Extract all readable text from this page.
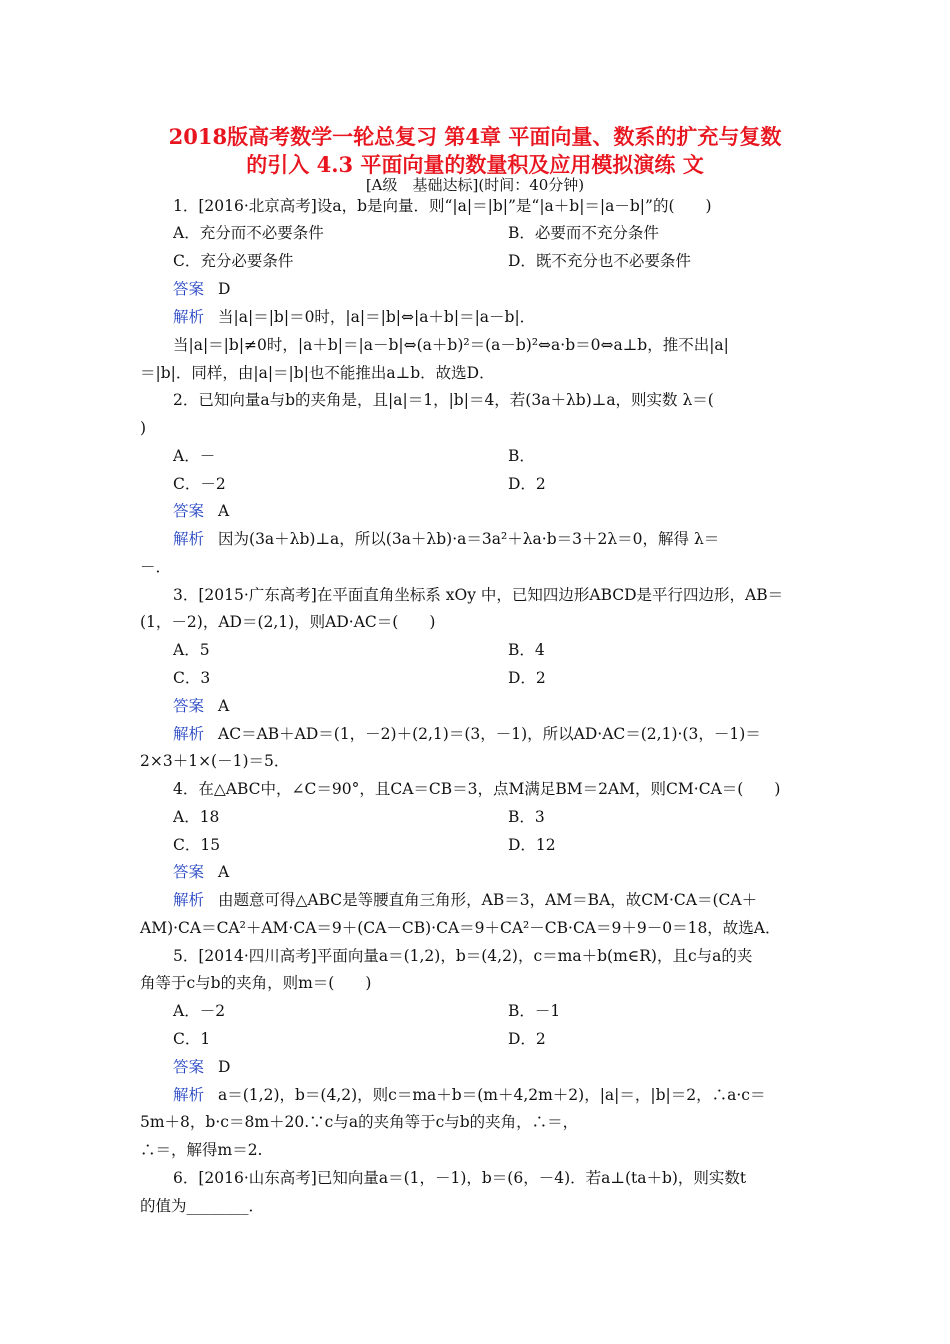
2018版高考数学一轮总复习 第4章 平面向量、数系的扩充与复数
的引入 4.3 平面向量的数量积及应用模拟演练 文
[A级　基础达标](时间：40分钟)
1．[2016·北京高考]设a，b是向量．则“|a|＝|b|”是“|a＋b|＝|a－b|”的(　　)
A．充分而不必要条件	B．必要而不充分条件
C．充分必要条件	D．既不充分也不必要条件
答案 D
解析 当|a|＝|b|＝0时，|a|＝|b|⇔|a＋b|＝|a－b|．
当|a|＝|b|≠0时，|a＋b|＝|a－b|⇔(a＋b)²＝(a－b)²⇔a·b＝0⇔a⊥b，推不出|a|
＝|b|．同样，由|a|＝|b|也不能推出a⊥b．故选D．
2．已知向量a与b的夹角是，且|a|＝1，|b|＝4，若(3a＋λb)⊥a，则实数 λ＝(
)
A．－	B．
C．－2	D．2
答案 A
解析 因为(3a＋λb)⊥a，所以(3a＋λb)·a＝3a²＋λa·b＝3＋2λ＝0，解得 λ＝
－．
3．[2015·广东高考]在平面直角坐标系 xOy 中，已知四边形ABCD是平行四边形，AB＝
(1，－2)，AD＝(2,1)，则AD·AC＝(　　)
A．5	B．4
C．3	D．2
答案 A
解析 AC＝AB＋AD＝(1，－2)＋(2,1)＝(3，－1)，所以AD·AC＝(2,1)·(3，－1)＝
2×3＋1×(－1)＝5．
4．在△ABC中，∠C＝90°，且CA＝CB＝3，点M满足BM＝2AM，则CM·CA＝(　　)
A．18	B．3
C．15	D．12
答案 A
解析 由题意可得△ABC是等腰直角三角形，AB＝3，AM＝BA，故CM·CA＝(CA＋
AM)·CA＝CA²＋AM·CA＝9＋(CA－CB)·CA＝9＋CA²－CB·CA＝9＋9－0＝18，故选A．
5．[2014·四川高考]平面向量a＝(1,2)，b＝(4,2)，c＝ma＋b(m∈R)，且c与a的夹
角等于c与b的夹角，则m＝(　　)
A．－2	B．－1
C．1	D．2
答案 D
解析 a＝(1,2)，b＝(4,2)，则c＝ma＋b＝(m＋4,2m＋2)，|a|＝，|b|＝2，∴a·c＝
5m＋8，b·c＝8m＋20.∵c与a的夹角等于c与b的夹角，∴＝，
∴＝，解得m＝2.
6．[2016·山东高考]已知向量a＝(1，－1)，b＝(6，－4)．若a⊥(ta＋b)，则实数t
的值为________．
